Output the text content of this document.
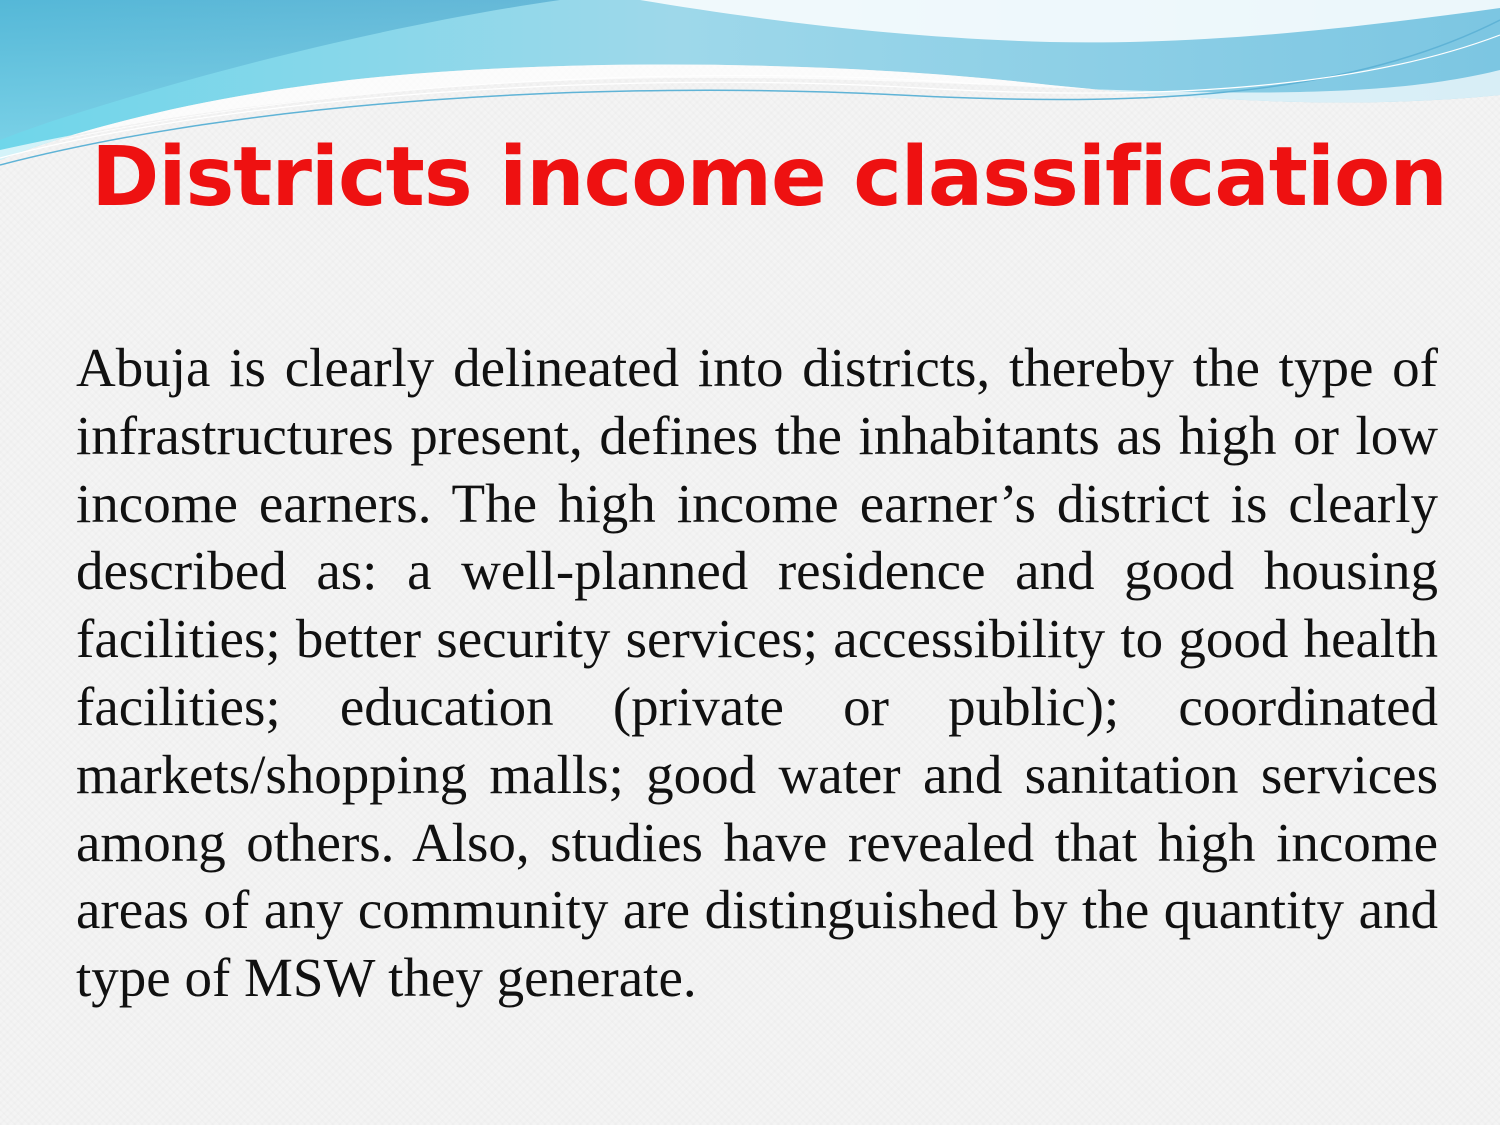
Districts income classification

Abuja is clearly delineated into districts, thereby the type of infrastructures present, defines the inhabitants as high or low income earners. The high income earner’s district is clearly described as: a well-planned residence and good housing facilities; better security services; accessibility to good health facilities; education (private or public); coordinated markets/shopping malls; good water and sanitation services among others. Also, studies have revealed that high income areas of any community are distinguished by the quantity and type of MSW they generate.
